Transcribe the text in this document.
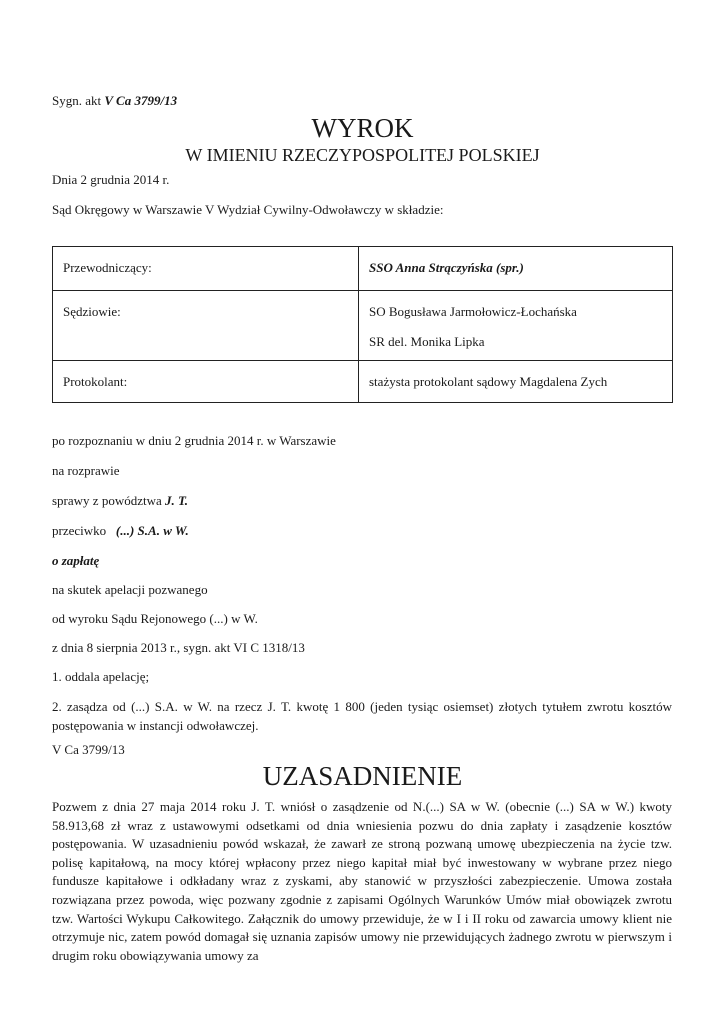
Sygn. akt V Ca 3799/13
WYROK
W IMIENIU RZECZYPOSPOLITEJ POLSKIEJ
Dnia 2 grudnia 2014 r.
Sąd Okręgowy w Warszawie V Wydział Cywilny-Odwoławczy w składzie:
Przewodniczący:	SSO Anna Strączyńska (spr.)
Sędziowie:	SO Bogusława Jarmołowicz-Łochańska
SR del. Monika Lipka

Protokolant:	stażysta protokolant sądowy Magdalena Zych
po rozpoznaniu w dniu 2 grudnia 2014 r. w Warszawie
na rozprawie
sprawy z powództwa J. T.
przeciwko (...) S.A. w W.
o zapłatę
na skutek apelacji pozwanego
od wyroku Sądu Rejonowego (...) w W.
z dnia 8 sierpnia 2013 r., sygn. akt VI C 1318/13
1. oddala apelację;

2. zasądza od (...) S.A. w W. na rzecz J. T. kwotę 1 800 (jeden tysiąc osiemset) złotych tytułem zwrotu kosztów postępowania w instancji odwoławczej.

V Ca 3799/13
UZASADNIENIE

Pozwem z dnia 27 maja 2014 roku J. T. wniósł o zasądzenie od N.(...) SA w W. (obecnie (...) SA w W.) kwoty 58.913,68 zł wraz z ustawowymi odsetkami od dnia wniesienia pozwu do dnia zapłaty i zasądzenie kosztów postępowania. W uzasadnieniu powód wskazał, że zawarł ze stroną pozwaną umowę ubezpieczenia na życie tzw. polisę kapitałową, na mocy której wpłacony przez niego kapitał miał być inwestowany w wybrane przez niego fundusze kapitałowe i odkładany wraz z zyskami, aby stanowić w przyszłości zabezpieczenie. Umowa została rozwiązana przez powoda, więc pozwany zgodnie z zapisami Ogólnych Warunków Umów miał obowiązek zwrotu tzw. Wartości Wykupu Całkowitego. Załącznik do umowy przewiduje, że w I i II roku od zawarcia umowy klient nie otrzymuje nic, zatem powód domagał się uznania zapisów umowy nie przewidujących żadnego zwrotu w pierwszym i drugim roku obowiązywania umowy za
